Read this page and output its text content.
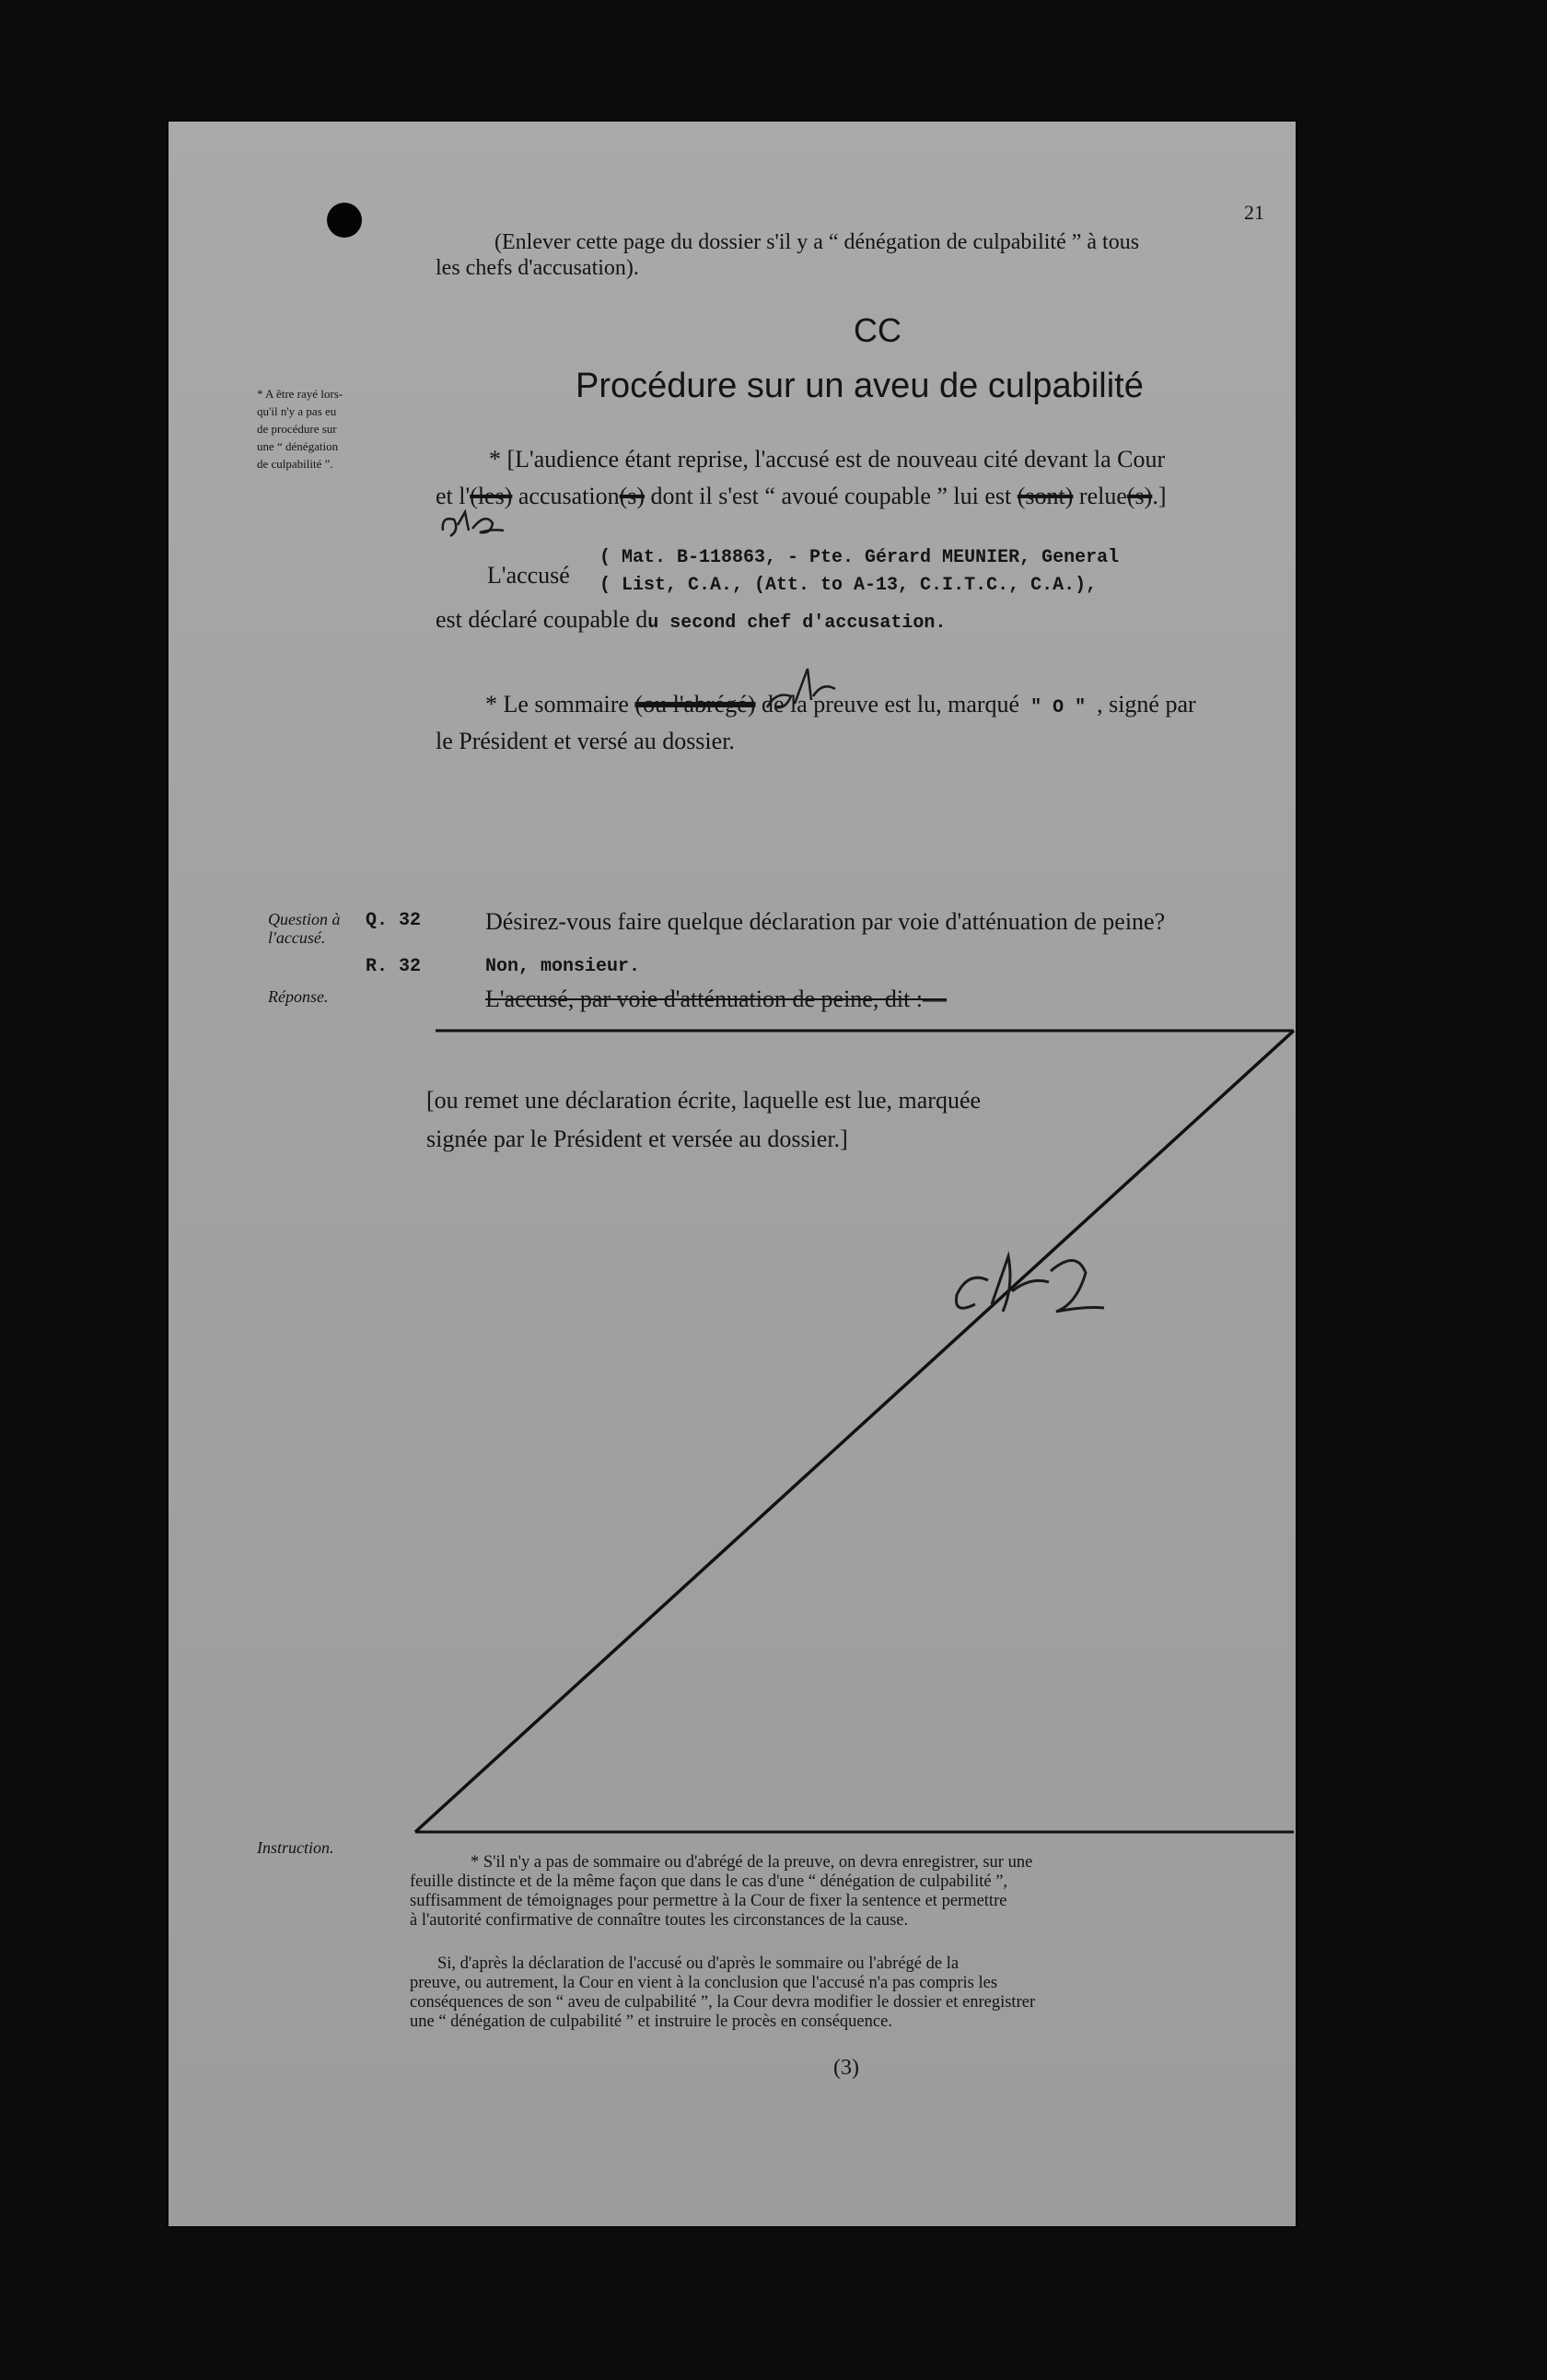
21
(Enlever cette page du dossier s'il y a “ dénégation de culpabilité ” à tous
les chefs d'accusation).
CC
Procédure sur un aveu de culpabilité
* A être rayé lors-
qu'il n'y a pas eu
de procédure sur
une “ dénégation
de culpabilité ”.	* [L'audience étant reprise, l'accusé est de nouveau cité devant la Cour
et l'(les) accusation(s) dont il s'est “ avoué coupable ” lui est (sont) relue(s).]
L'accusé
( Mat. B-118863, - Pte. Gérard MEUNIER, General
( List, C.A., (Att. to A-13, C.I.T.C., C.A.),
est déclaré coupable du second chef d'accusation.
* Le sommaire (ou l'abrégé) de la preuve est lu, marqué " O " , signé par
le Président et versé au dossier.
Question à
l'accusé.
Q. 32	Désirez-vous faire quelque déclaration par voie d'atténuation de peine?
R. 32	Non, monsieur.
Réponse.	L'accusé, par voie d'atténuation de peine, dit :—
[ou remet une déclaration écrite, laquelle est lue, marquée
signée par le Président et versée au dossier.]
Instruction.
* S'il n'y a pas de sommaire ou d'abrégé de la preuve, on devra enregistrer, sur une
feuille distincte et de la même façon que dans le cas d'une “ dénégation de culpabilité ”,
suffisamment de témoignages pour permettre à la Cour de fixer la sentence et permettre
à l'autorité confirmative de connaître toutes les circonstances de la cause.
Si, d'après la déclaration de l'accusé ou d'après le sommaire ou l'abrégé de la
preuve, ou autrement, la Cour en vient à la conclusion que l'accusé n'a pas compris les
conséquences de son “ aveu de culpabilité ”, la Cour devra modifier le dossier et enregistrer
une “ dénégation de culpabilité ” et instruire le procès en conséquence.
(3)
